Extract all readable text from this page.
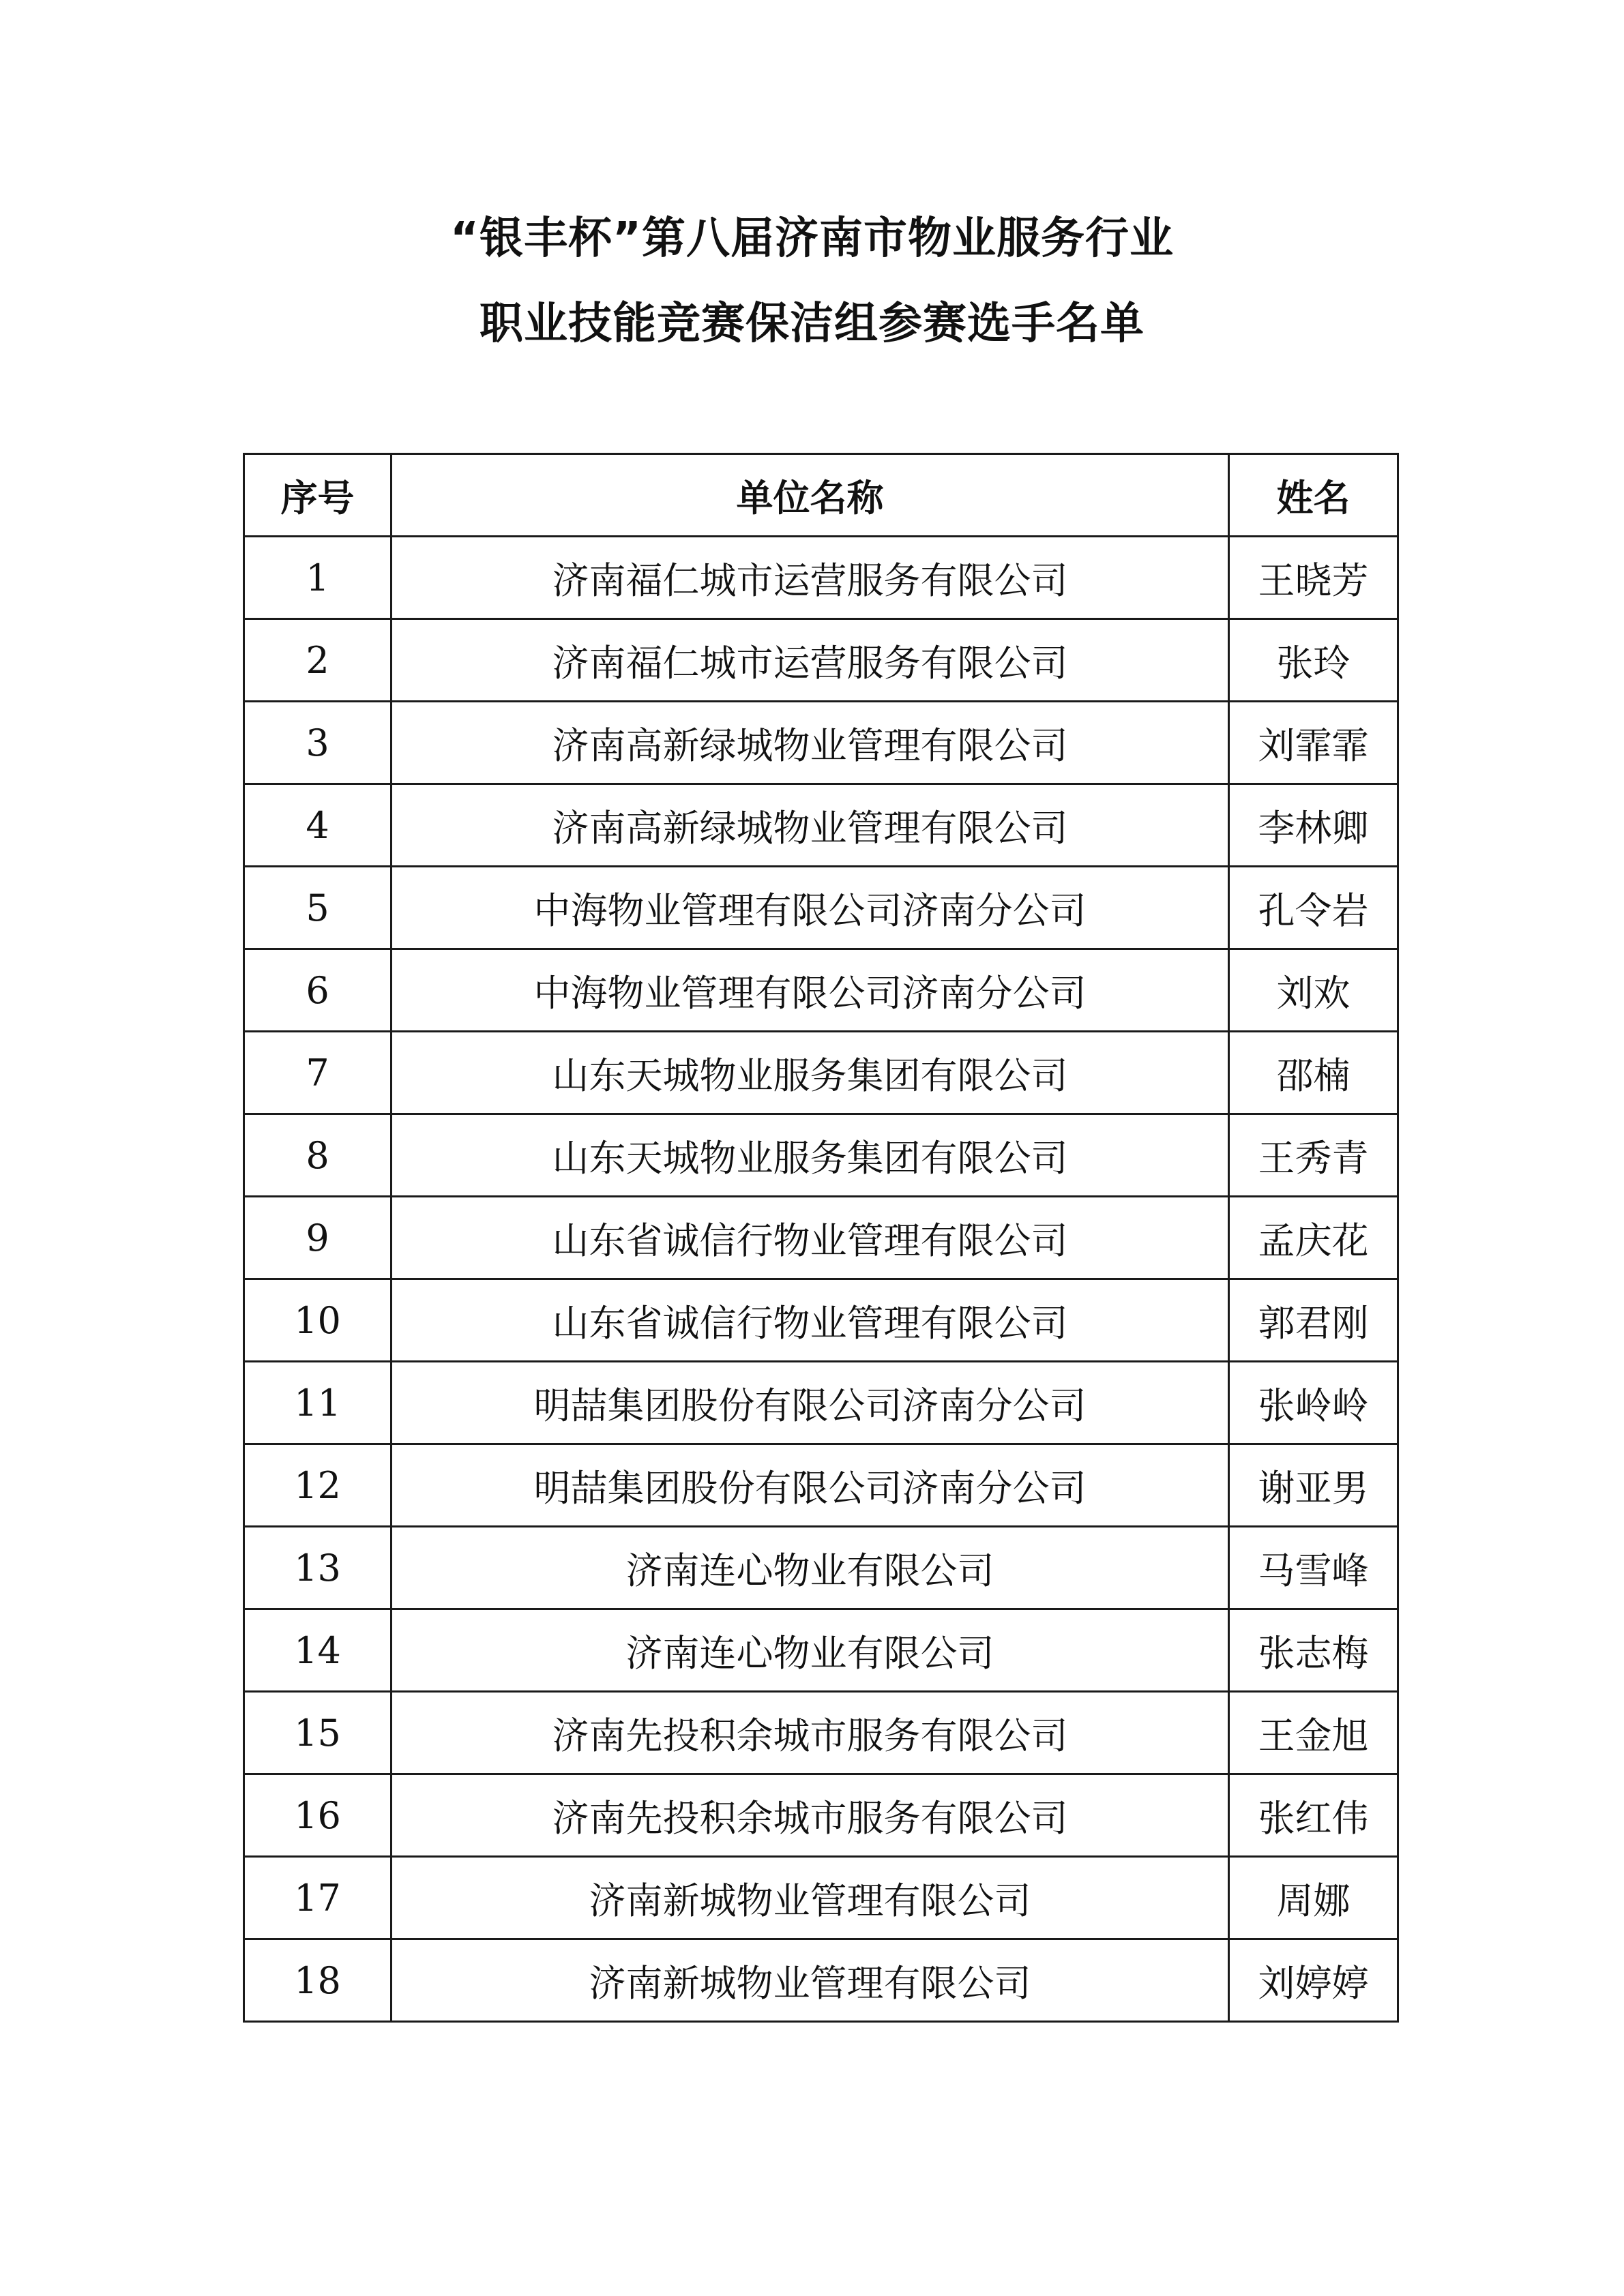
“银丰杯”第八届济南市物业服务行业
职业技能竞赛保洁组参赛选手名单
序号	单位名称	姓名
1	济南福仁城市运营服务有限公司	王晓芳
2	济南福仁城市运营服务有限公司	张玲
3	济南高新绿城物业管理有限公司	刘霏霏
4	济南高新绿城物业管理有限公司	李林卿
5	中海物业管理有限公司济南分公司	孔令岩
6	中海物业管理有限公司济南分公司	刘欢
7	山东天城物业服务集团有限公司	邵楠
8	山东天城物业服务集团有限公司	王秀青
9	山东省诚信行物业管理有限公司	孟庆花
10	山东省诚信行物业管理有限公司	郭君刚
11	明喆集团股份有限公司济南分公司	张岭岭
12	明喆集团股份有限公司济南分公司	谢亚男
13	济南连心物业有限公司	马雪峰
14	济南连心物业有限公司	张志梅
15	济南先投积余城市服务有限公司	王金旭
16	济南先投积余城市服务有限公司	张红伟
17	济南新城物业管理有限公司	周娜
18	济南新城物业管理有限公司	刘婷婷
